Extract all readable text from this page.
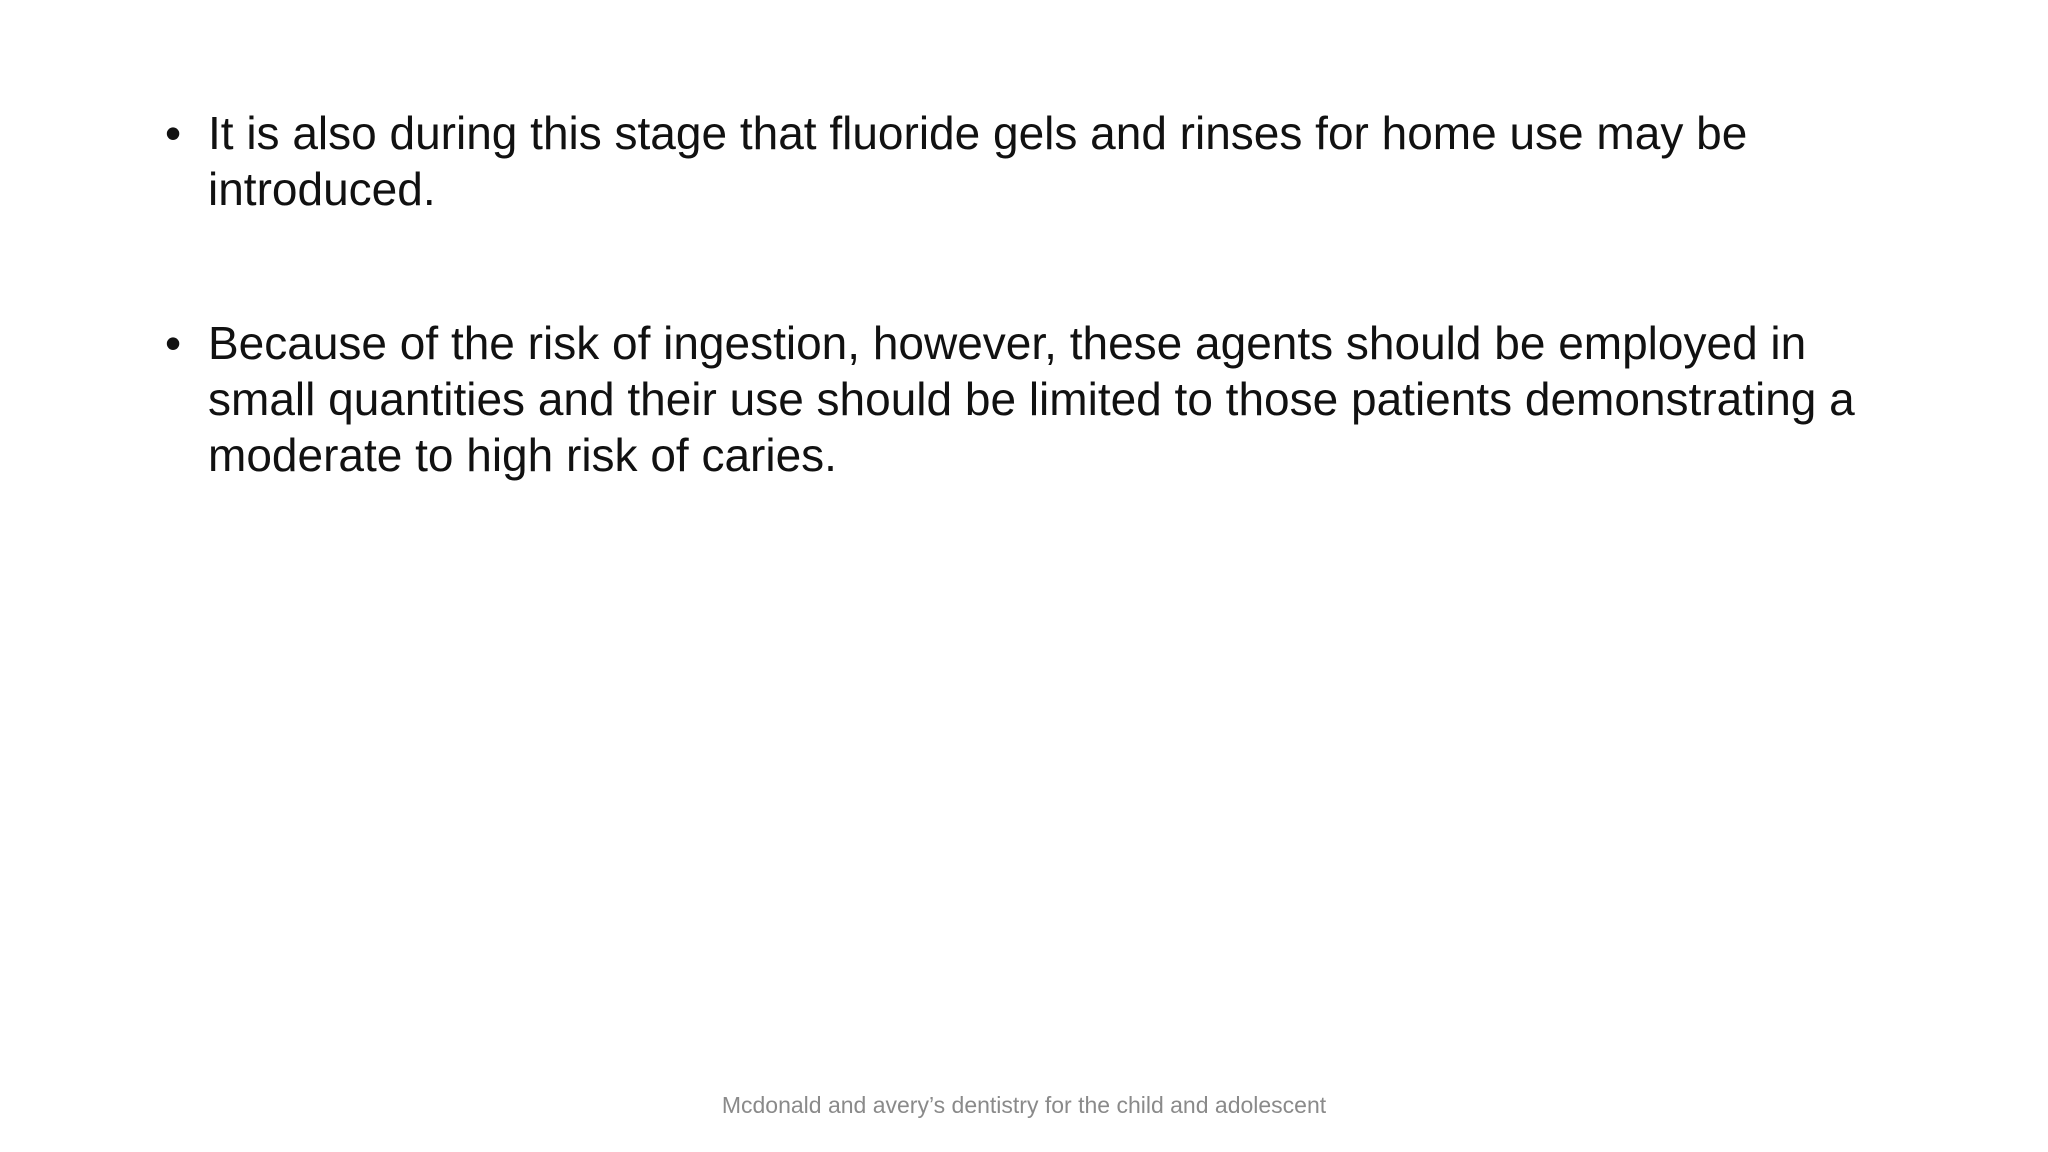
• It is also during this stage that fluoride gels and rinses for home use may be introduced.
• Because of the risk of ingestion, however, these agents should be employed in small quantities and their use should be limited to those patients demonstrating a moderate to high risk of caries.
Mcdonald and avery’s dentistry for the child and adolescent
